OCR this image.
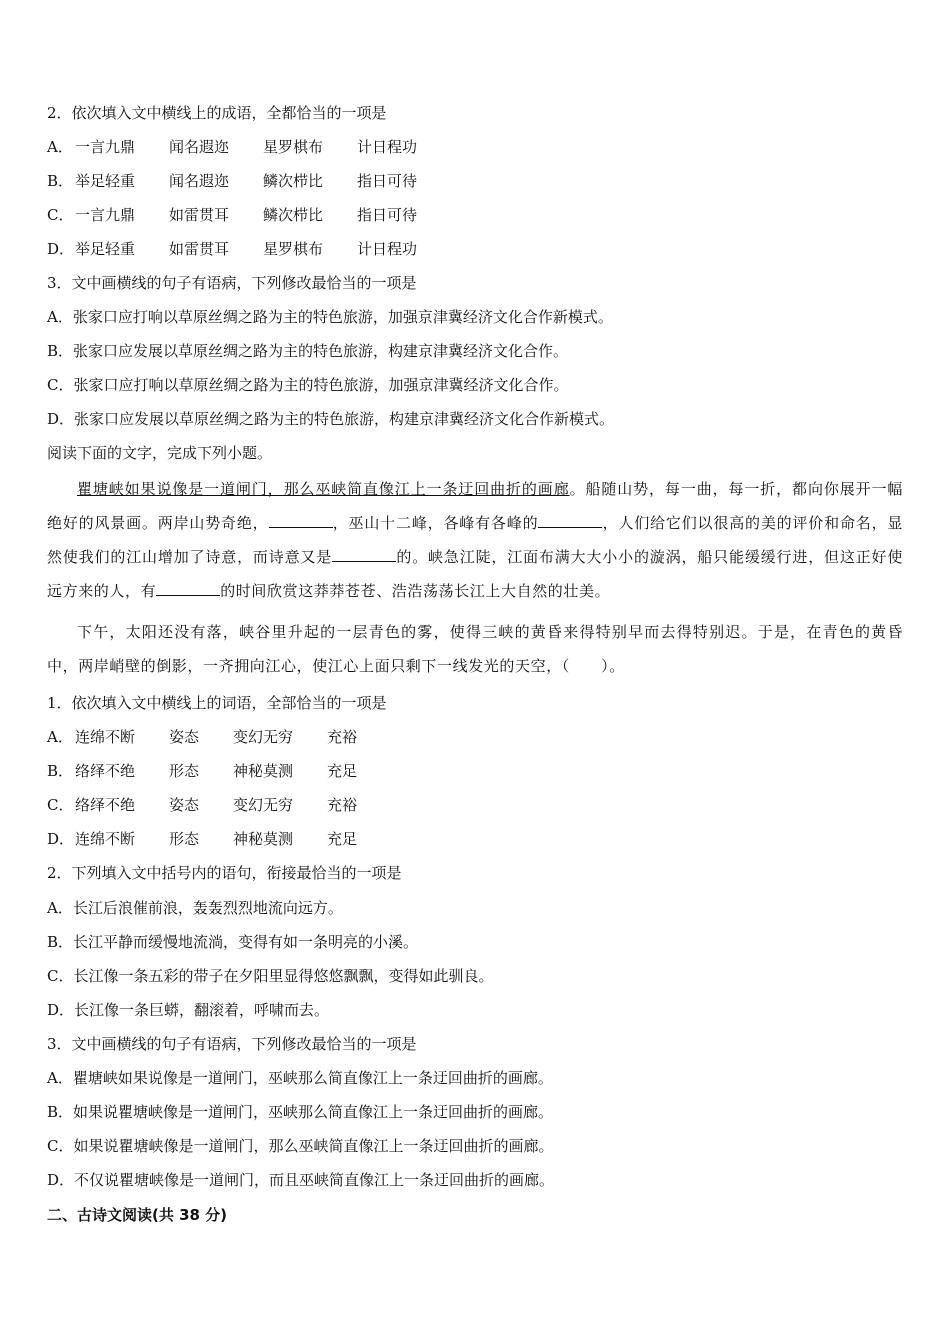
2．依次填入文中横线上的成语，全都恰当的一项是
A． 一言九鼎 闻名遐迩 星罗棋布 计日程功
B． 举足轻重 闻名遐迩 鳞次栉比 指日可待
C． 一言九鼎 如雷贯耳 鳞次栉比 指日可待
D．举足轻重 如雷贯耳 星罗棋布 计日程功
3．文中画横线的句子有语病，下列修改最恰当的一项是
A．张家口应打响以草原丝绸之路为主的特色旅游，加强京津冀经济文化合作新模式。
B．张家口应发展以草原丝绸之路为主的特色旅游，构建京津冀经济文化合作。
C．张家口应打响以草原丝绸之路为主的特色旅游，加强京津冀经济文化合作。
D．张家口应发展以草原丝绸之路为主的特色旅游，构建京津冀经济文化合作新模式。
阅读下面的文字，完成下列小题。
瞿塘峡如果说像是一道闸门，那么巫峡简直像江上一条迂回曲折的画廊。船随山势，每一曲，每一折，都向你展开一幅绝好的风景画。两岸山势奇绝，	，巫山十二峰，各峰有各峰的	，人们给它们以很高的美的评价和命名，显然使我们的江山增加了诗意，而诗意又是	的。峡急江陡，江面布满大大小小的漩涡，船只能缓缓行进，但这正好使远方来的人，有	的时间欣赏这莽莽苍苍、浩浩荡荡长江上大自然的壮美。
下午，太阳还没有落，峡谷里升起的一层青色的雾，使得三峡的黄昏来得特别早而去得特别迟。于是，在青色的黄昏中，两岸峭壁的倒影，一齐拥向江心，使江心上面只剩下一线发光的天空，（　　）。
1．依次填入文中横线上的词语，全部恰当的一项是
A． 连绵不断 姿态 变幻无穷 充裕
B． 络绎不绝 形态 神秘莫测 充足
C． 络绎不绝 姿态 变幻无穷 充裕
D．连绵不断 形态 神秘莫测 充足
2．下列填入文中括号内的语句，衔接最恰当的一项是
A．长江后浪催前浪，轰轰烈烈地流向远方。
B．长江平静而缓慢地流淌，变得有如一条明亮的小溪。
C．长江像一条五彩的带子在夕阳里显得悠悠飘飘，变得如此驯良。
D．长江像一条巨蟒，翻滚着，呼啸而去。
3．文中画横线的句子有语病，下列修改最恰当的一项是
A．瞿塘峡如果说像是一道闸门，巫峡那么简直像江上一条迂回曲折的画廊。
B．如果说瞿塘峡像是一道闸门，巫峡那么简直像江上一条迂回曲折的画廊。
C．如果说瞿塘峡像是一道闸门，那么巫峡简直像江上一条迂回曲折的画廊。
D．不仅说瞿塘峡像是一道闸门，而且巫峡简直像江上一条迂回曲折的画廊。
二、古诗文阅读(共 38 分)
